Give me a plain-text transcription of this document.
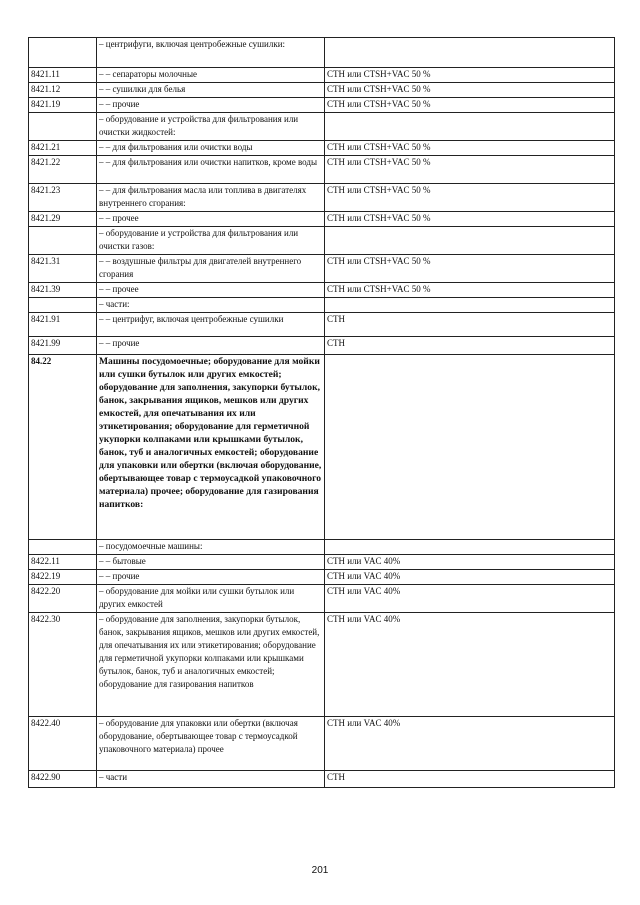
	– центрифуги, включая центробежные сушилки:	
8421.11	– – сепараторы молочные	СТН или CTSH+VAC 50 %
8421.12	– – сушилки для белья	СТН или CTSH+VAC 50 %
8421.19	– – прочие	СТН или CTSH+VAC 50 %
	– оборудование и устройства для фильтрования или очистки жидкостей:	
8421.21	– – для фильтрования или очистки воды	СТН или CTSH+VAC 50 %
8421.22	– – для фильтрования или очистки напитков, кроме воды	СТН или CTSH+VAC 50 %
8421.23	– – для фильтрования масла или топлива в двигателях внутреннего сгорания:	СТН или CTSH+VAC 50 %
8421.29	– – прочее	СТН или CTSH+VAC 50 %
	– оборудование и устройства для фильтрования или очистки газов:	
8421.31	– – воздушные фильтры для двигателей внутреннего сгорания	СТН или CTSH+VAC 50 %
8421.39	– – прочее	СТН или CTSH+VAC 50 %
	– части:	
8421.91	– – центрифуг, включая центробежные сушилки	СТН
8421.99	– – прочие	СТН
84.22	Машины посудомоечные; оборудование для мойки или сушки бутылок или других емкостей; оборудование для заполнения, закупорки бутылок, банок, закрывания ящиков, мешков или других емкостей, для опечатывания их или этикетирования; оборудование для герметичной укупорки колпаками или крышками бутылок, банок, туб и аналогичных емкостей; оборудование для упаковки или обертки (включая оборудование, обертывающее товар с термоусадкой упаковочного материала) прочее; оборудование для газирования напитков:	
	– посудомоечные машины:	
8422.11	– – бытовые	СТН или VAC 40%
8422.19	– – прочие	СТН или VAC 40%
8422.20	– оборудование для мойки или сушки бутылок или других емкостей	СТН или VAC 40%
8422.30	– оборудование для заполнения, закупорки бутылок, банок, закрывания ящиков, мешков или других емкостей, для опечатывания их или этикетирования; оборудование для герметичной укупорки колпаками или крышками бутылок, банок, туб и аналогичных емкостей; оборудование для газирования напитков	СТН или VAC 40%
8422.40	– оборудование для упаковки или обертки (включая оборудование, обертывающее товар с термоусадкой упаковочного материала) прочее	СТН или VAC 40%
8422.90	– части	СТН
201
